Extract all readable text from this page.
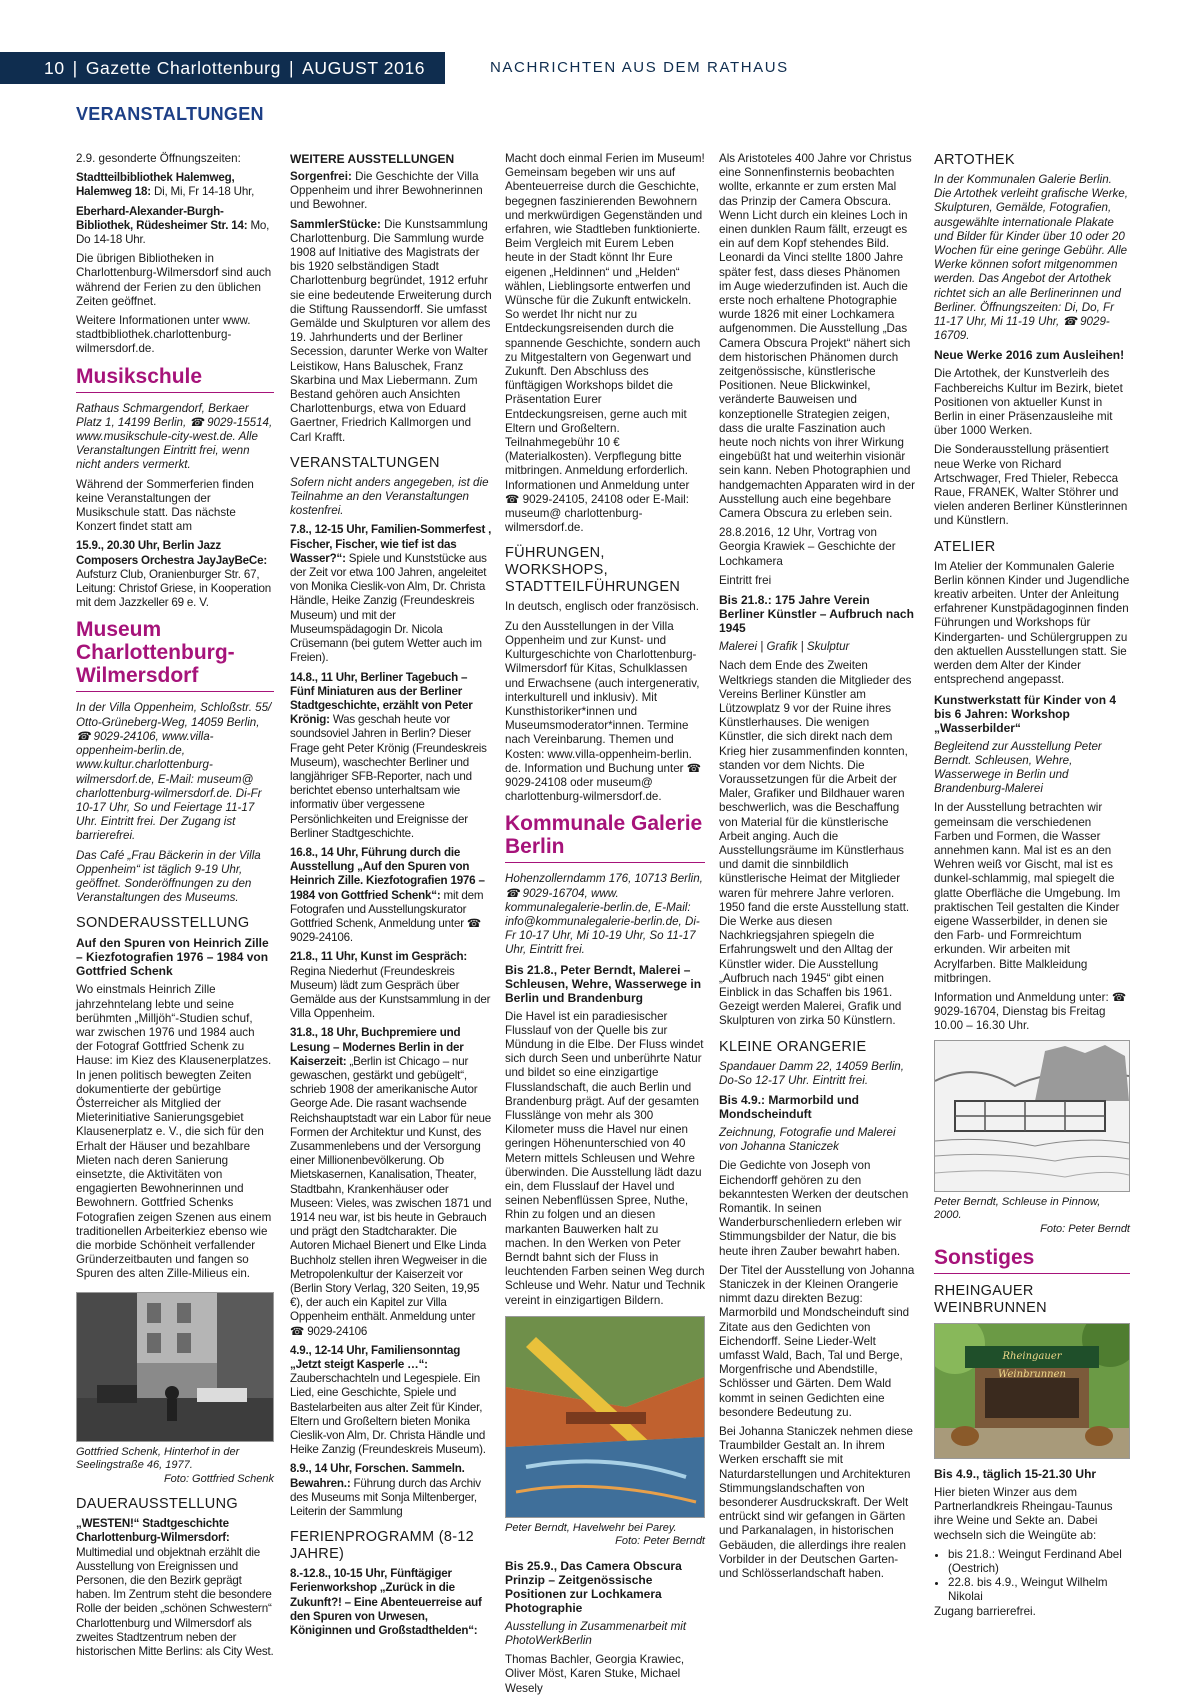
10 | Gazette Charlottenburg | AUGUST 2016	NACHRICHTEN AUS DEM RATHAUS
VERANSTALTUNGEN

2.9. gesonderte Öffnungszeiten:

Stadtteilbibliothek Halemweg, Halemweg 18: Di, Mi, Fr 14-18 Uhr,

Eberhard-Alexander-Burgh-Bibliothek, Rüdesheimer Str. 14: Mo, Do 14-18 Uhr.

Die übrigen Bibliotheken in Charlottenburg-Wilmersdorf sind auch während der Ferien zu den üblichen Zeiten geöffnet.

Weitere Informationen unter www. stadtbibliothek.charlottenburg-wilmersdorf.de.

Musikschule

Rathaus Schmargendorf, Berkaer Platz 1, 14199 Berlin, ☎ 9029-15514, www.musikschule-city-west.de. Alle Veranstaltungen Eintritt frei, wenn nicht anders vermerkt.

Während der Sommerferien finden keine Veranstaltungen der Musikschule statt. Das nächste Konzert findet statt am

15.9., 20.30 Uhr, Berlin Jazz Composers Orchestra JayJayBeCe: Aufsturz Club, Oranienburger Str. 67, Leitung: Christof Griese, in Kooperation mit dem Jazzkeller 69 e. V.

Museum Charlottenburg-Wilmersdorf

In der Villa Oppenheim, Schloßstr. 55/ Otto-Grüneberg-Weg, 14059 Berlin, ☎ 9029-24106, www.villa-oppenheim-berlin.de, www.kultur.charlottenburg-wilmersdorf.de, E-Mail: museum@ charlottenburg-wilmersdorf.de. Di-Fr 10-17 Uhr, So und Feiertage 11-17 Uhr. Eintritt frei. Der Zugang ist barrierefrei.

Das Café „Frau Bäckerin in der Villa Oppenheim“ ist täglich 9-19 Uhr, geöffnet. Sonderöffnungen zu den Veranstaltungen des Museums.

SONDERAUSSTELLUNG

Auf den Spuren von Heinrich Zille – Kiezfotografien 1976 – 1984 von Gottfried Schenk

Wo einstmals Heinrich Zille jahrzehntelang lebte und seine berühmten „Milljöh“-Studien schuf, war zwischen 1976 und 1984 auch der Fotograf Gottfried Schenk zu Hause: im Kiez des Klausenerplatzes. In jenen politisch bewegten Zeiten dokumentierte der gebürtige Österreicher als Mitglied der Mieterinitiative Sanierungsgebiet Klausenerplatz e. V., die sich für den Erhalt der Häuser und bezahlbare Mieten nach deren Sanierung einsetzte, die Aktivitäten von engagierten Bewohnerinnen und Bewohnern. Gottfried Schenks Fotografien zeigen Szenen aus einem traditionellen Arbeiterkiez ebenso wie die morbide Schönheit verfallender Gründerzeitbauten und fangen so Spuren des alten Zille-Milieus ein.

Gottfried Schenk, Hinterhof in der Seelingstraße 46, 1977.
Foto: Gottfried Schenk
DAUERAUSSTELLUNG

„WESTEN!“ Stadtgeschichte Charlottenburg-Wilmersdorf: Multimedial und objektnah erzählt die Ausstellung von Ereignissen und Personen, die den Bezirk geprägt haben. Im Zentrum steht die besondere Rolle der beiden „schönen Schwestern“ Charlottenburg und Wilmersdorf als zweites Stadtzentrum neben der historischen Mitte Berlins: als City West.

WEITERE AUSSTELLUNGEN

Sorgenfrei: Die Geschichte der Villa Oppenheim und ihrer Bewohnerinnen und Bewohner.

SammlerStücke: Die Kunstsammlung Charlottenburg. Die Sammlung wurde 1908 auf Initiative des Magistrats der bis 1920 selbständigen Stadt Charlottenburg begründet, 1912 erfuhr sie eine bedeutende Erweiterung durch die Stiftung Raussendorff. Sie umfasst Gemälde und Skulpturen vor allem des 19. Jahrhunderts und der Berliner Secession, darunter Werke von Walter Leistikow, Hans Baluschek, Franz Skarbina und Max Liebermann. Zum Bestand gehören auch Ansichten Charlottenburgs, etwa von Eduard Gaertner, Friedrich Kallmorgen und Carl Krafft.

VERANSTALTUNGEN

Sofern nicht anders angegeben, ist die Teilnahme an den Veranstaltungen kostenfrei.

7.8., 12-15 Uhr, Familien-Sommerfest , Fischer, Fischer, wie tief ist das Wasser?“: Spiele und Kunststücke aus der Zeit vor etwa 100 Jahren, angeleitet von Monika Cieslik-von Alm, Dr. Christa Händle, Heike Zanzig (Freundeskreis Museum) und mit der Museumspädagogin Dr. Nicola Crüsemann (bei gutem Wetter auch im Freien).

14.8., 11 Uhr, Berliner Tagebuch – Fünf Miniaturen aus der Berliner Stadtgeschichte, erzählt von Peter Krönig: Was geschah heute vor soundsoviel Jahren in Berlin? Dieser Frage geht Peter Krönig (Freundeskreis Museum), waschechter Berliner und langjähriger SFB-Reporter, nach und berichtet ebenso unterhaltsam wie informativ über vergessene Persönlichkeiten und Ereignisse der Berliner Stadtgeschichte.

16.8., 14 Uhr, Führung durch die Ausstellung „Auf den Spuren von Heinrich Zille. Kiezfotografien 1976 – 1984 von Gottfried Schenk“: mit dem Fotografen und Ausstellungskurator Gottfried Schenk, Anmeldung unter ☎ 9029-24106.

21.8., 11 Uhr, Kunst im Gespräch: Regina Niederhut (Freundeskreis Museum) lädt zum Gespräch über Gemälde aus der Kunstsammlung in der Villa Oppenheim.

31.8., 18 Uhr, Buchpremiere und Lesung – Modernes Berlin in der Kaiserzeit: „Berlin ist Chicago – nur gewaschen, gestärkt und gebügelt“, schrieb 1908 der amerikanische Autor George Ade. Die rasant wachsende Reichshauptstadt war ein Labor für neue Formen der Architektur und Kunst, des Zusammenlebens und der Versorgung einer Millionenbevölkerung. Ob Mietskasernen, Kanalisation, Theater, Stadtbahn, Krankenhäuser oder Museen: Vieles, was zwischen 1871 und 1914 neu war, ist bis heute in Gebrauch und prägt den Stadtcharakter. Die Autoren Michael Bienert und Elke Linda Buchholz stellen ihren Wegweiser in die Metropolenkultur der Kaiserzeit vor (Berlin Story Verlag, 320 Seiten, 19,95 €), der auch ein Kapitel zur Villa Oppenheim enthält. Anmeldung unter ☎ 9029-24106

4.9., 12-14 Uhr, Familiensonntag „Jetzt steigt Kasperle …“: Zauberschachteln und Legespiele. Ein Lied, eine Geschichte, Spiele und Bastelarbeiten aus alter Zeit für Kinder, Eltern und Großeltern bieten Monika Cieslik-von Alm, Dr. Christa Händle und Heike Zanzig (Freundeskreis Museum).

8.9., 14 Uhr, Forschen. Sammeln. Bewahren.: Führung durch das Archiv des Museums mit Sonja Miltenberger, Leiterin der Sammlung

FERIENPROGRAMM (8-12 JAHRE)

8.-12.8., 10-15 Uhr, Fünftägiger Ferienworkshop „Zurück in die Zukunft?! – Eine Abenteuerreise auf den Spuren von Urwesen, Königinnen und Großstadthelden“:

Macht doch einmal Ferien im Museum! Gemeinsam begeben wir uns auf Abenteuerreise durch die Geschichte, begegnen faszinierenden Bewohnern und merkwürdigen Gegenständen und erfahren, wie Stadtleben funktionierte. Beim Vergleich mit Eurem Leben heute in der Stadt könnt Ihr Eure eigenen „Heldinnen“ und „Helden“ wählen, Lieblingsorte entwerfen und Wünsche für die Zukunft entwickeln. So werdet Ihr nicht nur zu Entdeckungsreisenden durch die spannende Geschichte, sondern auch zu Mitgestaltern von Gegenwart und Zukunft. Den Abschluss des fünftägigen Workshops bildet die Präsentation Eurer Entdeckungsreisen, gerne auch mit Eltern und Großeltern. Teilnahmegebühr 10 € (Materialkosten). Verpflegung bitte mitbringen. Anmeldung erforderlich. Informationen und Anmeldung unter ☎ 9029-24105, 24108 oder E-Mail: museum@ charlottenburg-wilmersdorf.de.

FÜHRUNGEN, WORKSHOPS, STADTTEILFÜHRUNGEN

In deutsch, englisch oder französisch.

Zu den Ausstellungen in der Villa Oppenheim und zur Kunst- und Kulturgeschichte von Charlottenburg-Wilmersdorf für Kitas, Schulklassen und Erwachsene (auch intergenerativ, interkulturell und inklusiv). Mit Kunsthistoriker*innen und Museumsmoderator*innen. Termine nach Vereinbarung. Themen und Kosten: www.villa-oppenheim-berlin. de. Information und Buchung unter ☎ 9029-24108 oder museum@ charlottenburg-wilmersdorf.de.

Kommunale Galerie Berlin

Hohenzollerndamm 176, 10713 Berlin, ☎ 9029-16704, www. kommunalegalerie-berlin.de, E-Mail: info@kommunalegalerie-berlin.de, Di-Fr 10-17 Uhr, Mi 10-19 Uhr, So 11-17 Uhr, Eintritt frei.

Bis 21.8., Peter Berndt, Malerei – Schleusen, Wehre, Wasserwege in Berlin und Brandenburg

Die Havel ist ein paradiesischer Flusslauf von der Quelle bis zur Mündung in die Elbe. Der Fluss windet sich durch Seen und unberührte Natur und bildet so eine einzigartige Flusslandschaft, die auch Berlin und Brandenburg prägt. Auf der gesamten Flusslänge von mehr als 300 Kilometer muss die Havel nur einen geringen Höhenunterschied von 40 Metern mittels Schleusen und Wehre überwinden. Die Ausstellung lädt dazu ein, dem Flusslauf der Havel und seinen Nebenflüssen Spree, Nuthe, Rhin zu folgen und an diesen markanten Bauwerken halt zu machen. In den Werken von Peter Berndt bahnt sich der Fluss in leuchtenden Farben seinen Weg durch Schleuse und Wehr. Natur und Technik vereint in einzigartigen Bildern.

Peter Berndt, Havelwehr bei Parey.
Foto: Peter Berndt

Bis 25.9., Das Camera Obscura Prinzip – Zeitgenössische Positionen zur Lochkamera Photographie

Ausstellung in Zusammenarbeit mit PhotoWerkBerlin

Thomas Bachler, Georgia Krawiec, Oliver Möst, Karen Stuke, Michael Wesely

Als Aristoteles 400 Jahre vor Christus eine Sonnenfinsternis beobachten wollte, erkannte er zum ersten Mal das Prinzip der Camera Obscura. Wenn Licht durch ein kleines Loch in einen dunklen Raum fällt, erzeugt es ein auf dem Kopf stehendes Bild. Leonardi da Vinci stellte 1800 Jahre später fest, dass dieses Phänomen im Auge wiederzufinden ist. Auch die erste noch erhaltene Photographie wurde 1826 mit einer Lochkamera aufgenommen. Die Ausstellung „Das Camera Obscura Projekt“ nähert sich dem historischen Phänomen durch zeitgenössische, künstlerische Positionen. Neue Blickwinkel, veränderte Bauweisen und konzeptionelle Strategien zeigen, dass die uralte Faszination auch heute noch nichts von ihrer Wirkung eingebüßt hat und weiterhin visionär sein kann. Neben Photographien und handgemachten Apparaten wird in der Ausstellung auch eine begehbare Camera Obscura zu erleben sein.

28.8.2016, 12 Uhr, Vortrag von Georgia Krawiek – Geschichte der Lochkamera

Eintritt frei

Bis 21.8.: 175 Jahre Verein Berliner Künstler – Aufbruch nach 1945

Malerei | Grafik | Skulptur

Nach dem Ende des Zweiten Weltkriegs standen die Mitglieder des Vereins Berliner Künstler am Lützowplatz 9 vor der Ruine ihres Künstlerhauses. Die wenigen Künstler, die sich direkt nach dem Krieg hier zusammenfinden konnten, standen vor dem Nichts. Die Voraussetzungen für die Arbeit der Maler, Grafiker und Bildhauer waren beschwerlich, was die Beschaffung von Material für die künstlerische Arbeit anging. Auch die Ausstellungsräume im Künstlerhaus und damit die sinnbildlich künstlerische Heimat der Mitglieder waren für mehrere Jahre verloren. 1950 fand die erste Ausstellung statt. Die Werke aus diesen Nachkriegsjahren spiegeln die Erfahrungswelt und den Alltag der Künstler wider. Die Ausstellung „Aufbruch nach 1945“ gibt einen Einblick in das Schaffen bis 1961. Gezeigt werden Malerei, Grafik und Skulpturen von zirka 50 Künstlern.

KLEINE ORANGERIE

Spandauer Damm 22, 14059 Berlin, Do-So 12-17 Uhr. Eintritt frei.

Bis 4.9.: Marmorbild und Mondscheinduft

Zeichnung, Fotografie und Malerei von Johanna Staniczek

Die Gedichte von Joseph von Eichendorff gehören zu den bekanntesten Werken der deutschen Romantik. In seinen Wanderburschenliedern erleben wir Stimmungsbilder der Natur, die bis heute ihren Zauber bewahrt haben.

Der Titel der Ausstellung von Johanna Staniczek in der Kleinen Orangerie nimmt dazu direkten Bezug: Marmorbild und Mondscheinduft sind Zitate aus den Gedichten von Eichendorff. Seine Lieder-Welt umfasst Wald, Bach, Tal und Berge, Morgenfrische und Abendstille, Schlösser und Gärten. Dem Wald kommt in seinen Gedichten eine besondere Bedeutung zu.

Bei Johanna Staniczek nehmen diese Traumbilder Gestalt an. In ihrem Werken erschafft sie mit Naturdarstellungen und Architekturen Stimmungslandschaften von besonderer Ausdruckskraft. Der Welt entrückt sind wir gefangen in Gärten und Parkanalagen, in historischen Gebäuden, die allerdings ihre realen Vorbilder in der Deutschen Garten- und Schlösserlandschaft haben.

ARTOTHEK

In der Kommunalen Galerie Berlin. Die Artothek verleiht grafische Werke, Skulpturen, Gemälde, Fotografien, ausgewählte internationale Plakate und Bilder für Kinder über 10 oder 20 Wochen für eine geringe Gebühr. Alle Werke können sofort mitgenommen werden. Das Angebot der Artothek richtet sich an alle Berlinerinnen und Berliner. Öffnungszeiten: Di, Do, Fr 11-17 Uhr, Mi 11-19 Uhr, ☎ 9029-16709.

Neue Werke 2016 zum Ausleihen!

Die Artothek, der Kunstverleih des Fachbereichs Kultur im Bezirk, bietet Positionen von aktueller Kunst in Berlin in einer Präsenzausleihe mit über 1000 Werken.

Die Sonderausstellung präsentiert neue Werke von Richard Artschwager, Fred Thieler, Rebecca Raue, FRANEK, Walter Stöhrer und vielen anderen Berliner Künstlerinnen und Künstlern.

ATELIER

Im Atelier der Kommunalen Galerie Berlin können Kinder und Jugendliche kreativ arbeiten. Unter der Anleitung erfahrener Kunstpädagoginnen finden Führungen und Workshops für Kindergarten- und Schülergruppen zu den aktuellen Ausstellungen statt. Sie werden dem Alter der Kinder entsprechend angepasst.

Kunstwerkstatt für Kinder von 4 bis 6 Jahren: Workshop „Wasserbilder“

Begleitend zur Ausstellung Peter Berndt. Schleusen, Wehre, Wasserwege in Berlin und Brandenburg-Malerei

In der Ausstellung betrachten wir gemeinsam die verschiedenen Farben und Formen, die Wasser annehmen kann. Mal ist es an den Wehren weiß vor Gischt, mal ist es dunkel-schlammig, mal spiegelt die glatte Oberfläche die Umgebung. Im praktischen Teil gestalten die Kinder eigene Wasserbilder, in denen sie den Farb- und Formreichtum erkunden. Wir arbeiten mit Acrylfarben. Bitte Malkleidung mitbringen.

Information und Anmeldung unter: ☎ 9029-16704, Dienstag bis Freitag 10.00 – 16.30 Uhr.

Peter Berndt, Schleuse in Pinnow, 2000.
Foto: Peter Berndt
Sonstiges
RHEINGAUER WEINBRUNNEN
Rheingauer Weinbrunnen

Bis 4.9., täglich 15-21.30 Uhr

Hier bieten Winzer aus dem Partnerlandkreis Rheingau-Taunus ihre Weine und Sekte an. Dabei wechseln sich die Weingüte ab:

• bis 21.8.: Weingut Ferdinand Abel (Oestrich)
• 22.8. bis 4.9., Weingut Wilhelm Nikolai

Zugang barrierefrei.
